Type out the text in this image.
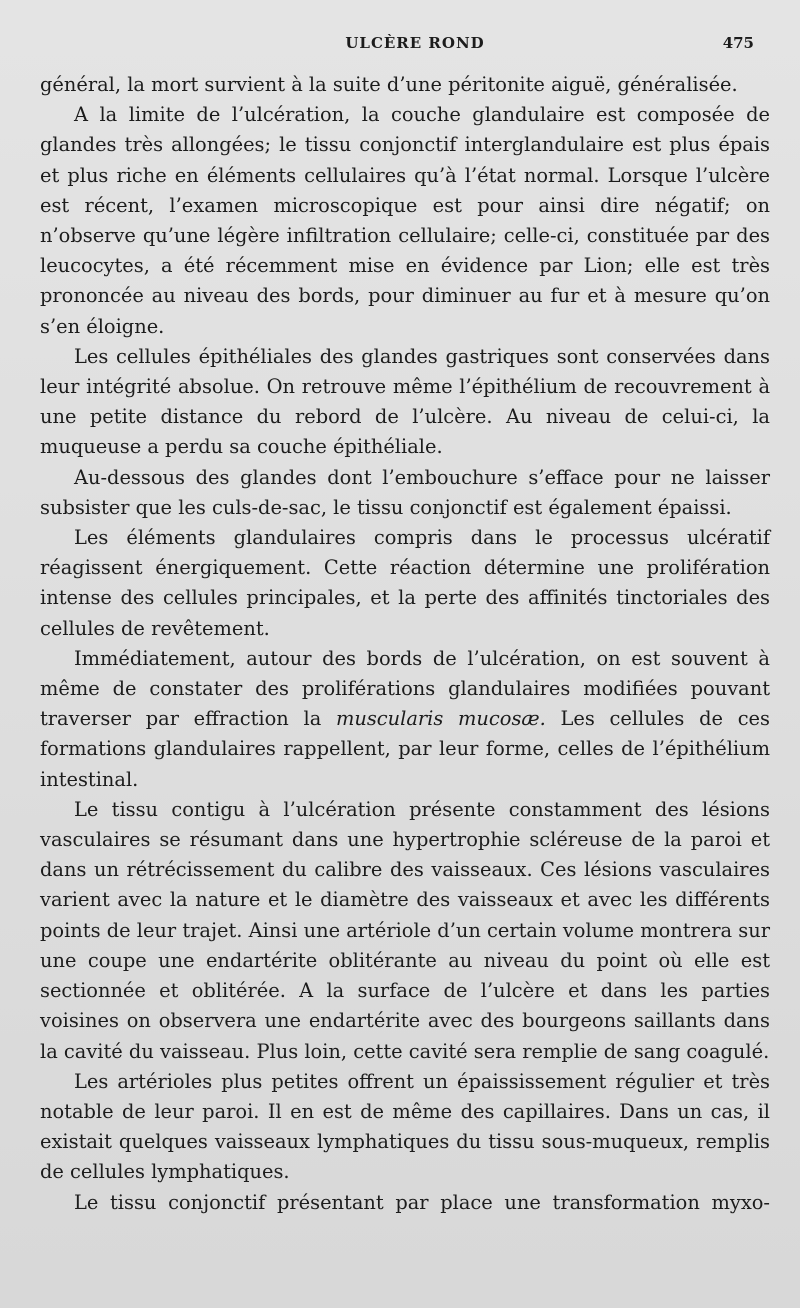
ULCÈRE ROND	475

général, la mort survient à la suite d’une péritonite aiguë, généralisée.

A la limite de l’ulcération, la couche glandulaire est composée de glandes très allongées; le tissu conjonctif interglandulaire est plus épais et plus riche en éléments cellulaires qu’à l’état normal. Lorsque l’ulcère est récent, l’examen microscopique est pour ainsi dire négatif; on n’observe qu’une légère infiltration cellulaire; celle-ci, constituée par des leucocytes, a été récemment mise en évidence par Lion; elle est très prononcée au niveau des bords, pour diminuer au fur et à mesure qu’on s’en éloigne.

Les cellules épithéliales des glandes gastriques sont conservées dans leur intégrité absolue. On retrouve même l’épithélium de recouvrement à une petite distance du rebord de l’ulcère. Au niveau de celui-ci, la muqueuse a perdu sa couche épithéliale.

Au-dessous des glandes dont l’embouchure s’efface pour ne laisser subsister que les culs-de-sac, le tissu conjonctif est également épaissi.

Les éléments glandulaires compris dans le processus ulcératif réagissent énergiquement. Cette réaction détermine une prolifération intense des cellules principales, et la perte des affinités tinctoriales des cellules de revêtement.

Immédiatement, autour des bords de l’ulcération, on est souvent à même de constater des proliférations glandulaires modifiées pouvant traverser par effraction la muscularis mucosæ. Les cellules de ces formations glandulaires rappellent, par leur forme, celles de l’épithélium intestinal.

Le tissu contigu à l’ulcération présente constamment des lésions vasculaires se résumant dans une hypertrophie scléreuse de la paroi et dans un rétrécissement du calibre des vaisseaux. Ces lésions vasculaires varient avec la nature et le diamètre des vaisseaux et avec les différents points de leur trajet. Ainsi une artériole d’un certain volume montrera sur une coupe une endartérite oblitérante au niveau du point où elle est sectionnée et oblitérée. A la surface de l’ulcère et dans les parties voisines on observera une endartérite avec des bourgeons saillants dans la cavité du vaisseau. Plus loin, cette cavité sera remplie de sang coagulé.

Les artérioles plus petites offrent un épaississement régulier et très notable de leur paroi. Il en est de même des capillaires. Dans un cas, il existait quelques vaisseaux lymphatiques du tissu sous-muqueux, remplis de cellules lymphatiques.

Le tissu conjonctif présentant par place une transformation myxo-
